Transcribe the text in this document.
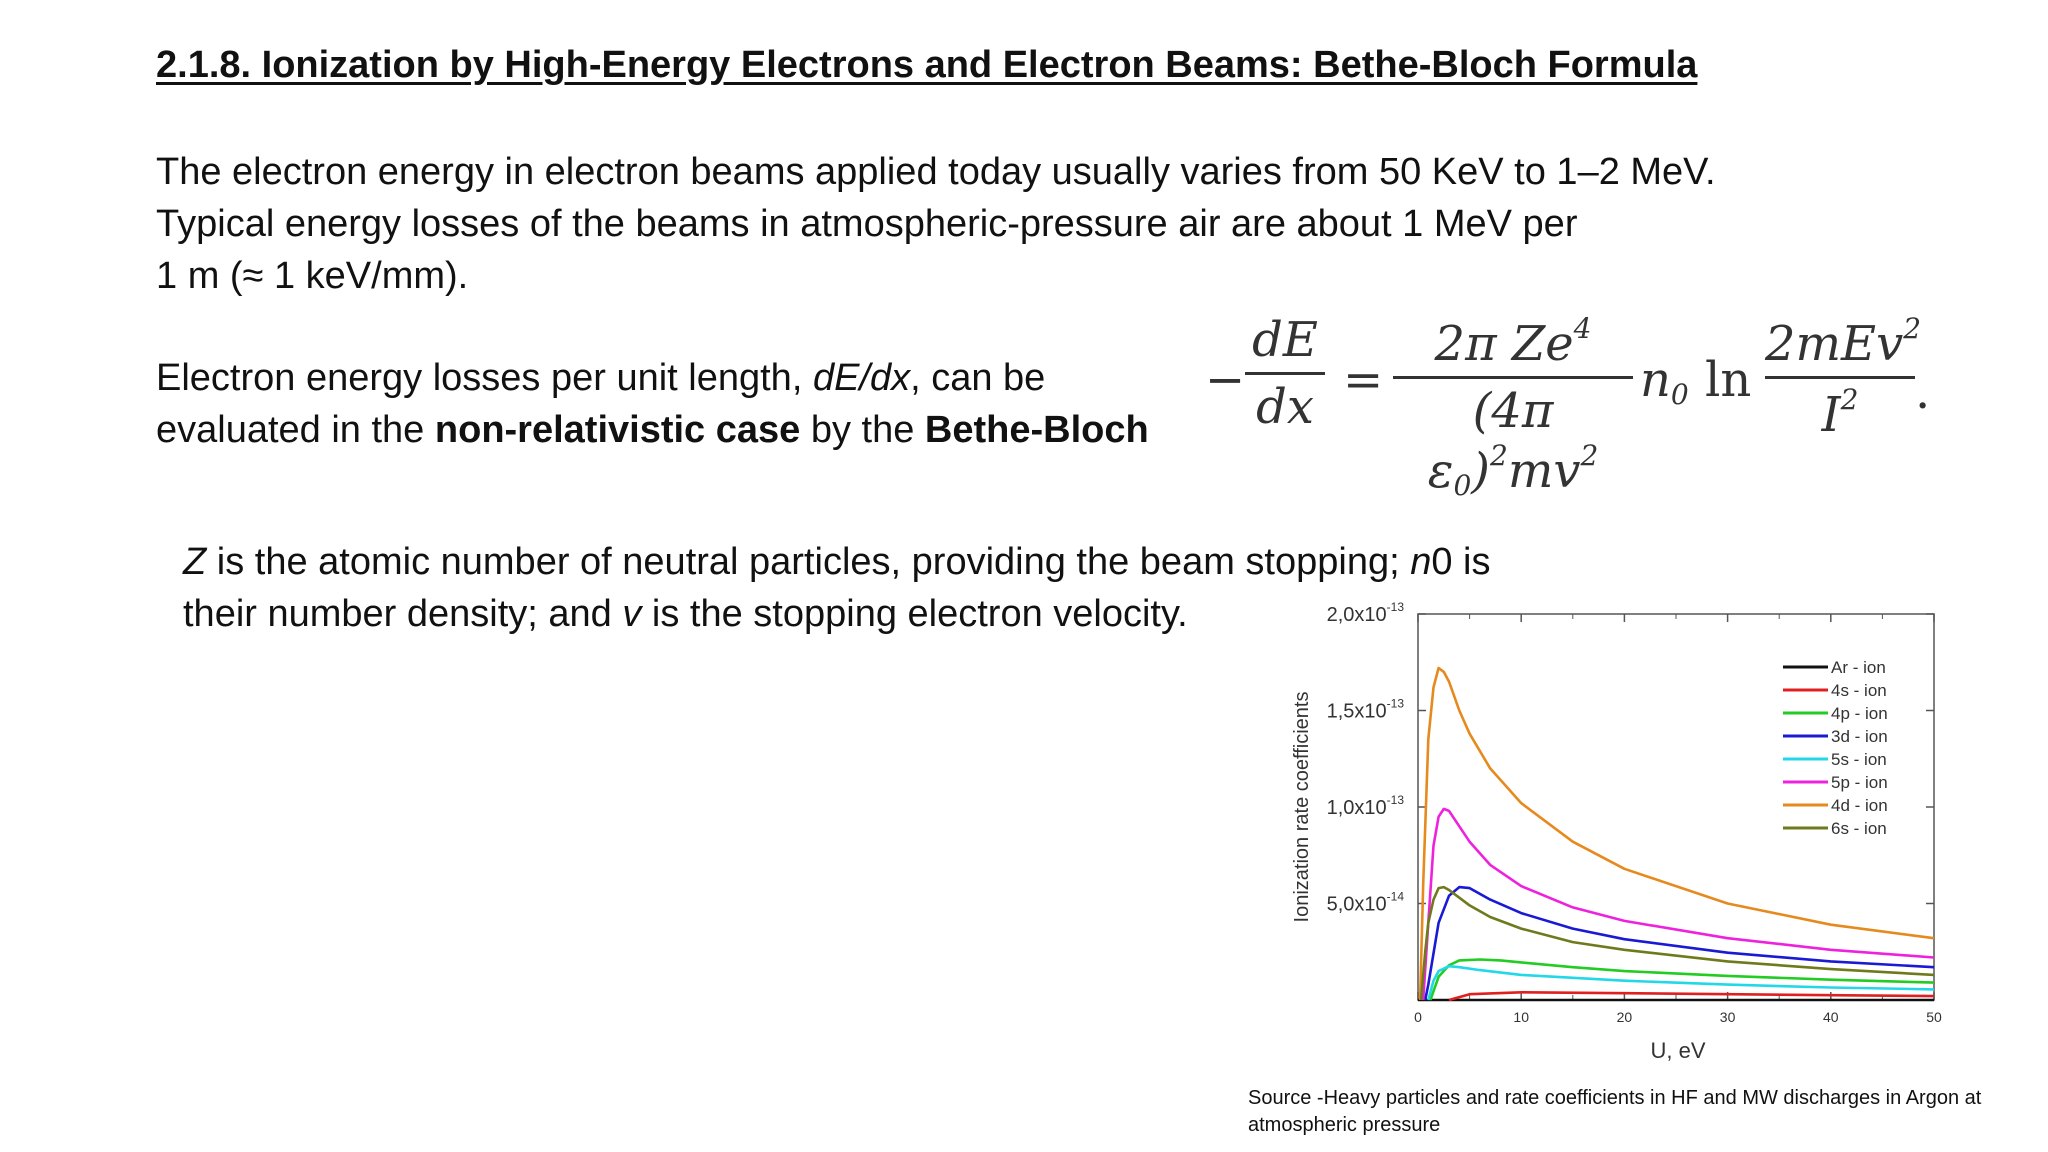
2.1.8. Ionization by High-Energy Electrons and Electron Beams: Bethe-Bloch Formula

The electron energy in electron beams applied today usually varies from 50 KeV to 1–2 MeV.
Typical energy losses of the beams in atmospheric-pressure air are about 1 MeV per
1 m (≈ 1 keV/mm).

Electron energy losses per unit length, dE/dx, can be
evaluated in the non-relativistic case by the Bethe-Bloch

−
dE
dx =
2π Ze$^4$
(4π $\varepsilon_0)^2mv^2$
$n_0$ ln
2mEv$^2$
$I^2$	.

Z is the atomic number of neutral particles, providing the beam stopping; n0 is
their number density; and v is the stopping electron velocity.

0	10	20	30	40	50
$5,0x10^{-14}$
$1,0x10^{-13}$
$1,5x10^{-13}$
$2,0x10^{-13}$
Ar - ion
4s - ion
4p - ion
3d - ion
5s - ion
5p - ion
4d - ion
6s - ion
U, eV
Ionization rate coefficients

Source -Heavy particles and rate coefficients in HF and MW discharges in Argon at atmospheric pressure
